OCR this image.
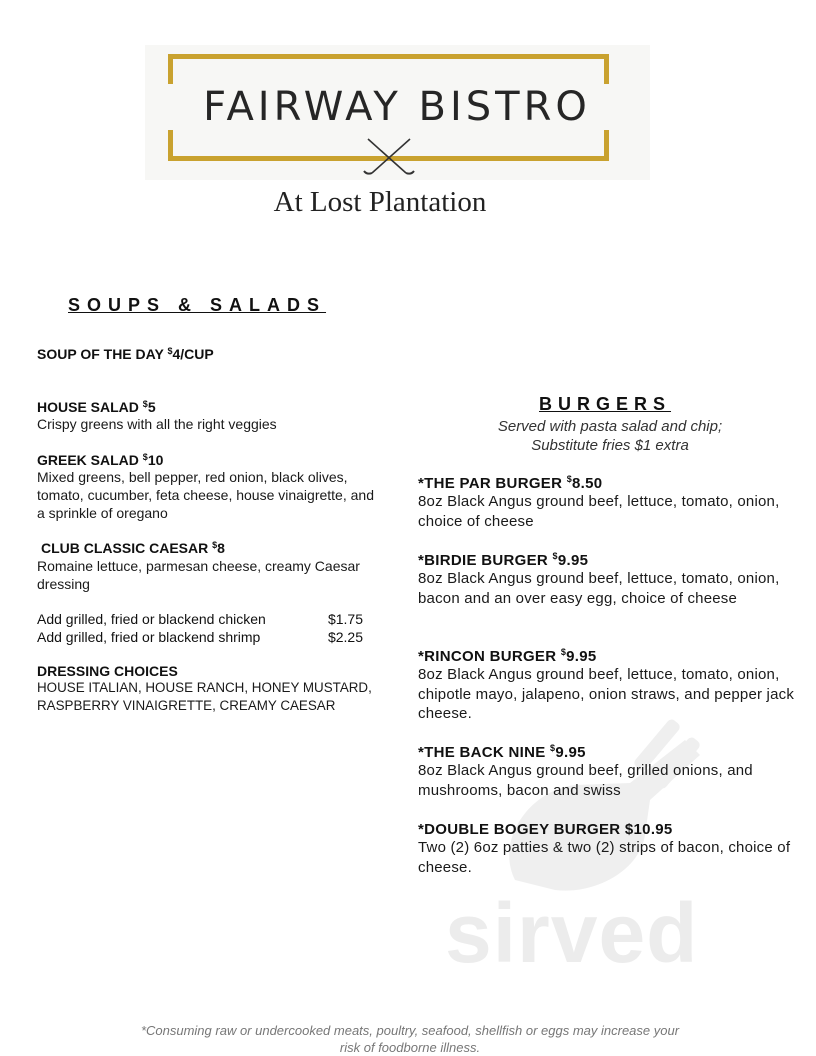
FAIRWAY BISTRO
At Lost Plantation
sirved
SOUPS & SALADS
SOUP OF THE DAY $4/CUP
HOUSE SALAD $5
Crispy greens with all the right veggies
GREEK SALAD $10
Mixed greens, bell pepper, red onion, black olives, tomato, cucumber, feta cheese, house vinaigrette, and a sprinkle of oregano
CLUB CLASSIC CAESAR $8
Romaine lettuce, parmesan cheese, creamy Caesar dressing
Add grilled, fried or blackend chicken	$1.75
Add grilled, fried or blackend shrimp	$2.25
DRESSING CHOICES
HOUSE ITALIAN, HOUSE RANCH, HONEY MUSTARD, RASPBERRY VINAIGRETTE, CREAMY CAESAR
BURGERS
Served with pasta salad and chip;
Substitute fries $1 extra
*THE PAR BURGER $8.50
8oz Black Angus ground beef, lettuce, tomato, onion, choice of cheese
*BIRDIE BURGER $9.95
8oz Black Angus ground beef, lettuce, tomato, onion, bacon and an over easy egg, choice of cheese
*RINCON BURGER $9.95
8oz Black Angus ground beef, lettuce, tomato, onion, chipotle mayo, jalapeno, onion straws, and pepper jack cheese.
*THE BACK NINE $9.95
8oz Black Angus ground beef, grilled onions, and mushrooms, bacon and swiss
*DOUBLE BOGEY BURGER $10.95
Two (2) 6oz patties & two (2) strips of bacon, choice of cheese.
*Consuming raw or undercooked meats, poultry, seafood, shellfish or eggs may increase your
risk of foodborne illness.
